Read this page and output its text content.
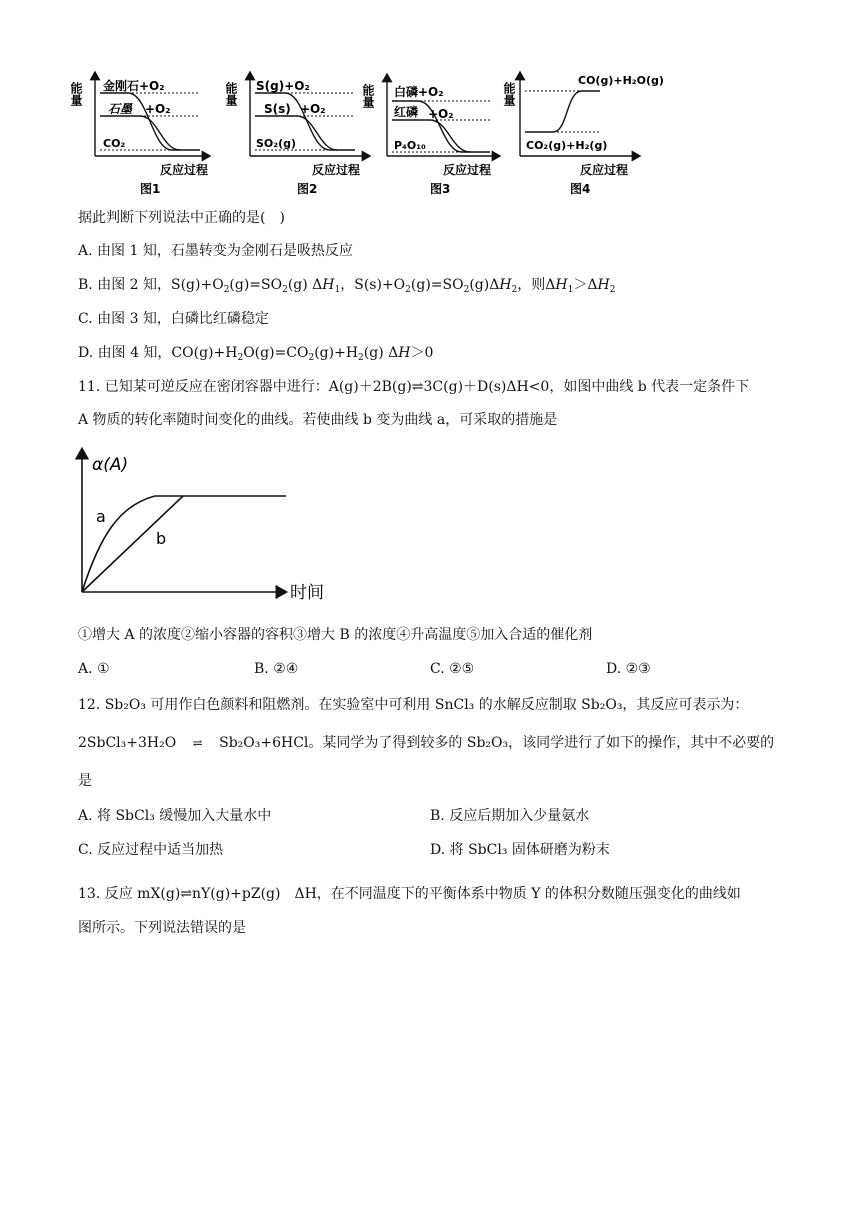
能量 金刚石+O₂
石墨 +O₂
CO₂
反应过程
图1
能量 S(g)+O₂
S(s) +O₂
SO₂(g)
反应过程
图2
能量 白磷+O₂
红磷 +O₂
P₄O₁₀
反应过程
图3
能量
CO(g)+H₂O(g)
CO₂(g)+H₂(g)
反应过程
图4
据此判断下列说法中正确的是(　)
A. 由图 1 知，石墨转变为金刚石是吸热反应
B. 由图 2 知，$S(g)+O_2(g)=SO_2(g)$ $\Delta H_1$，$S(s)+O_2(g)=SO_2(g)\Delta H_2$，则$\Delta H_1>\Delta H_2$
C. 由图 3 知，白磷比红磷稳定
D. 由图 4 知，$CO(g)+H_2O(g)=CO_2(g)+H_2(g)$ ΔH＞0
11. 已知某可逆反应在密闭容器中进行：A(g)＋2B(g)⇌3C(g)＋D(s)ΔH<0，如图中曲线 b 代表一定条件下
A 物质的转化率随时间变化的曲线。若使曲线 b 变为曲线 a，可采取的措施是
α(A)
时间
a
b
①增大 A 的浓度②缩小容器的容积③增大 B 的浓度④升高温度⑤加入合适的催化剂
A. ①	B. ②④	C. ②⑤	D. ②③
12. Sb₂O₃ 可用作白色颜料和阻燃剂。在实验室中可利用 SnCl₃ 的水解反应制取 Sb₂O₃，其反应可表示为：
2SbCl₃+3H₂O ⇌ Sb₂O₃+6HCl。某同学为了得到较多的 Sb₂O₃，该同学进行了如下的操作，其中不必要的
是
A. 将 SbCl₃ 缓慢加入大量水中	B. 反应后期加入少量氨水
C. 反应过程中适当加热	D. 将 SbCl₃ 固体研磨为粉末
13. 反应 mX(g)⇌nY(g)+pZ(g)　ΔH，在不同温度下的平衡体系中物质 Y 的体积分数随压强变化的曲线如
图所示。下列说法错误的是
